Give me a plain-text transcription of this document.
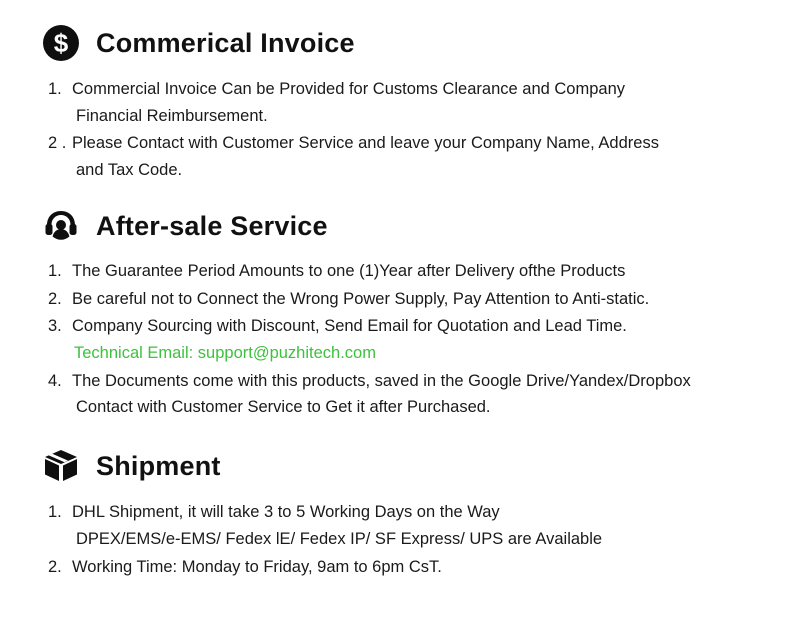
$ Commerical Invoice
1. Commercial Invoice Can be Provided for Customs Clearance and Company
Financial Reimbursement.
2 . Please Contact with Customer Service and leave your Company Name, Address
and Tax Code.
After-sale Service
1. The Guarantee Period Amounts to one (1)Year after Delivery ofthe Products
2. Be careful not to Connect the Wrong Power Supply, Pay Attention to Anti-static.
3. Company Sourcing with Discount, Send Email for Quotation and Lead Time.
Technical Email: support@puzhitech.com
4. The Documents come with this products, saved in the Google Drive/Yandex/Dropbox
Contact with Customer Service to Get it after Purchased.
Shipment
1. DHL Shipment, it will take 3 to 5 Working Days on the Way
DPEX/EMS/e-EMS/ Fedex lE/ Fedex IP/ SF Express/ UPS are Available
2. Working Time: Monday to Friday, 9am to 6pm CsT.
